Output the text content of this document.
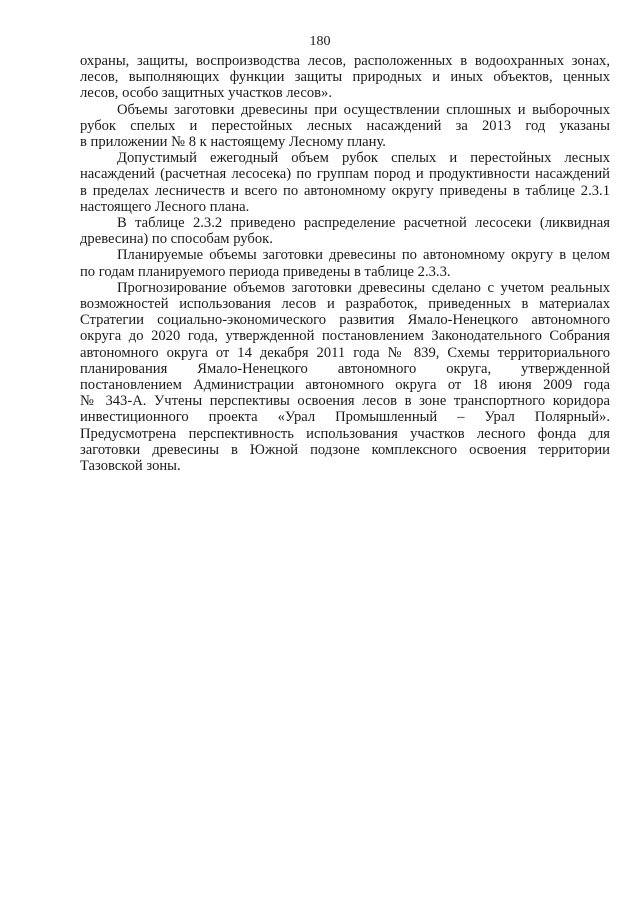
180
охраны, защиты, воспроизводства лесов, расположенных в водоохранных зонах,
лесов, выполняющих функции защиты природных и иных объектов, ценных
лесов, особо защитных участков лесов».
Объемы заготовки древесины при осуществлении сплошных и выборочных
рубок спелых и перестойных лесных насаждений за 2013 год указаны
в приложении № 8 к настоящему Лесному плану.
Допустимый ежегодный объем рубок спелых и перестойных лесных
насаждений (расчетная лесосека) по группам пород и продуктивности насаждений
в пределах лесничеств и всего по автономному округу приведены в таблице 2.3.1
настоящего Лесного плана.
В таблице 2.3.2 приведено распределение расчетной лесосеки (ликвидная
древесина) по способам рубок.
Планируемые объемы заготовки древесины по автономному округу в целом
по годам планируемого периода приведены в таблице 2.3.3.
Прогнозирование объемов заготовки древесины сделано с учетом реальных
возможностей использования лесов и разработок, приведенных в материалах
Стратегии социально-экономического развития Ямало-Ненецкого автономного
округа до 2020 года, утвержденной постановлением Законодательного Собрания
автономного округа от 14 декабря 2011 года № 839, Схемы территориального
планирования Ямало-Ненецкого автономного округа, утвержденной
постановлением Администрации автономного округа от 18 июня 2009 года
№ 343-А. Учтены перспективы освоения лесов в зоне транспортного коридора
инвестиционного проекта «Урал Промышленный – Урал Полярный».
Предусмотрена перспективность использования участков лесного фонда для
заготовки древесины в Южной подзоне комплексного освоения территории
Тазовской зоны.
